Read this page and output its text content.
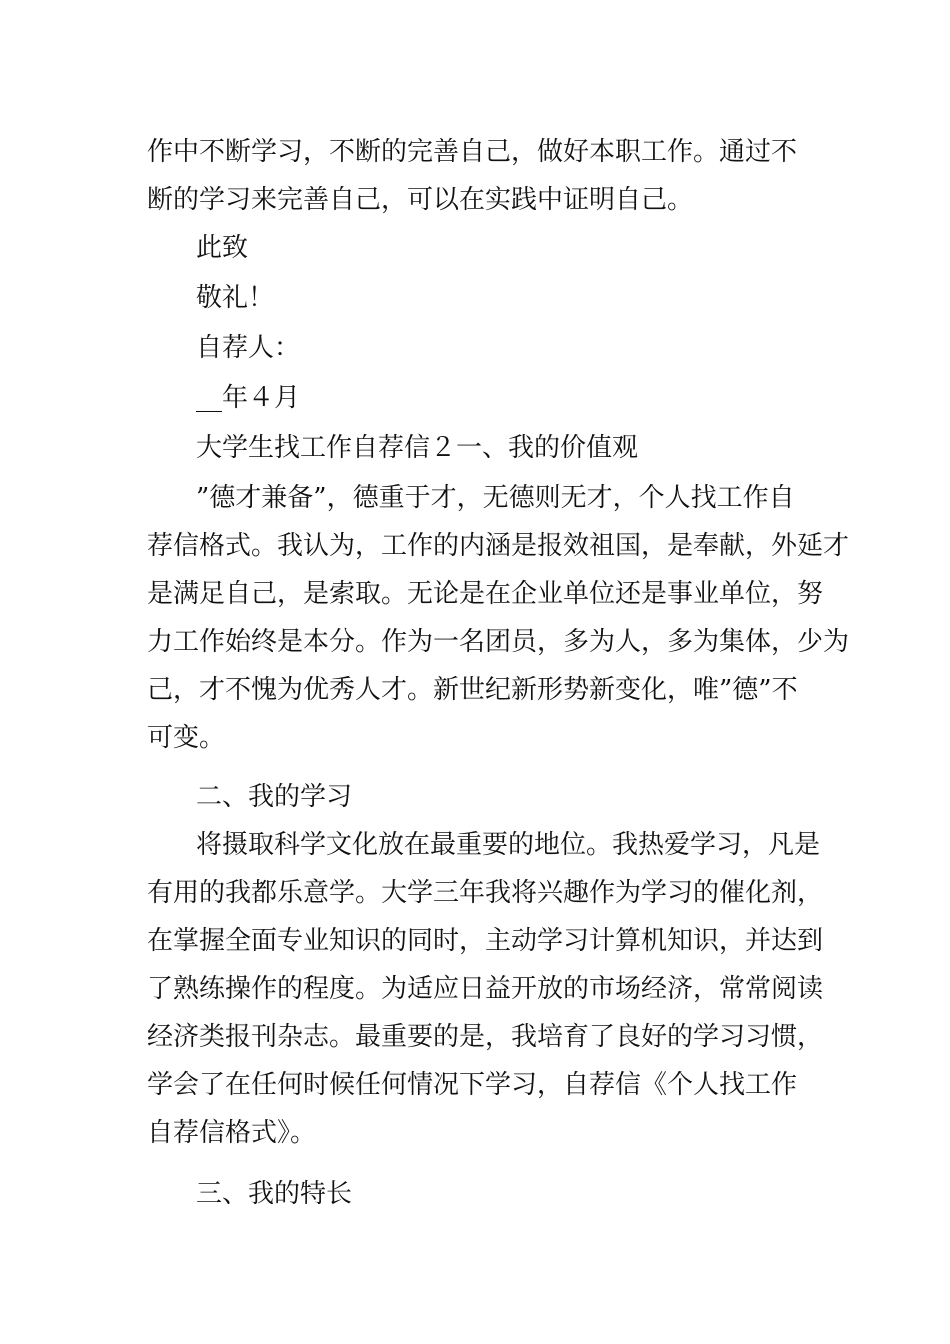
作中不断学习，不断的完善自己，做好本职工作。通过不
断的学习来完善自己，可以在实践中证明自己。
此致
敬礼！
自荐人：
__年４月
大学生找工作自荐信２一、我的价值观
”德才兼备”，德重于才，无德则无才，个人找工作自
荐信格式。我认为，工作的内涵是报效祖国，是奉献，外延才
是满足自己，是索取。无论是在企业单位还是事业单位，努
力工作始终是本分。作为一名团员，多为人，多为集体，少为
己，才不愧为优秀人才。新世纪新形势新变化，唯”德”不
可变。
二、我的学习
将摄取科学文化放在最重要的地位。我热爱学习，凡是
有用的我都乐意学。大学三年我将兴趣作为学习的催化剂，
在掌握全面专业知识的同时，主动学习计算机知识，并达到
了熟练操作的程度。为适应日益开放的市场经济，常常阅读
经济类报刊杂志。最重要的是，我培育了良好的学习习惯，
学会了在任何时候任何情况下学习，自荐信《个人找工作
自荐信格式》。
三、我的特长
